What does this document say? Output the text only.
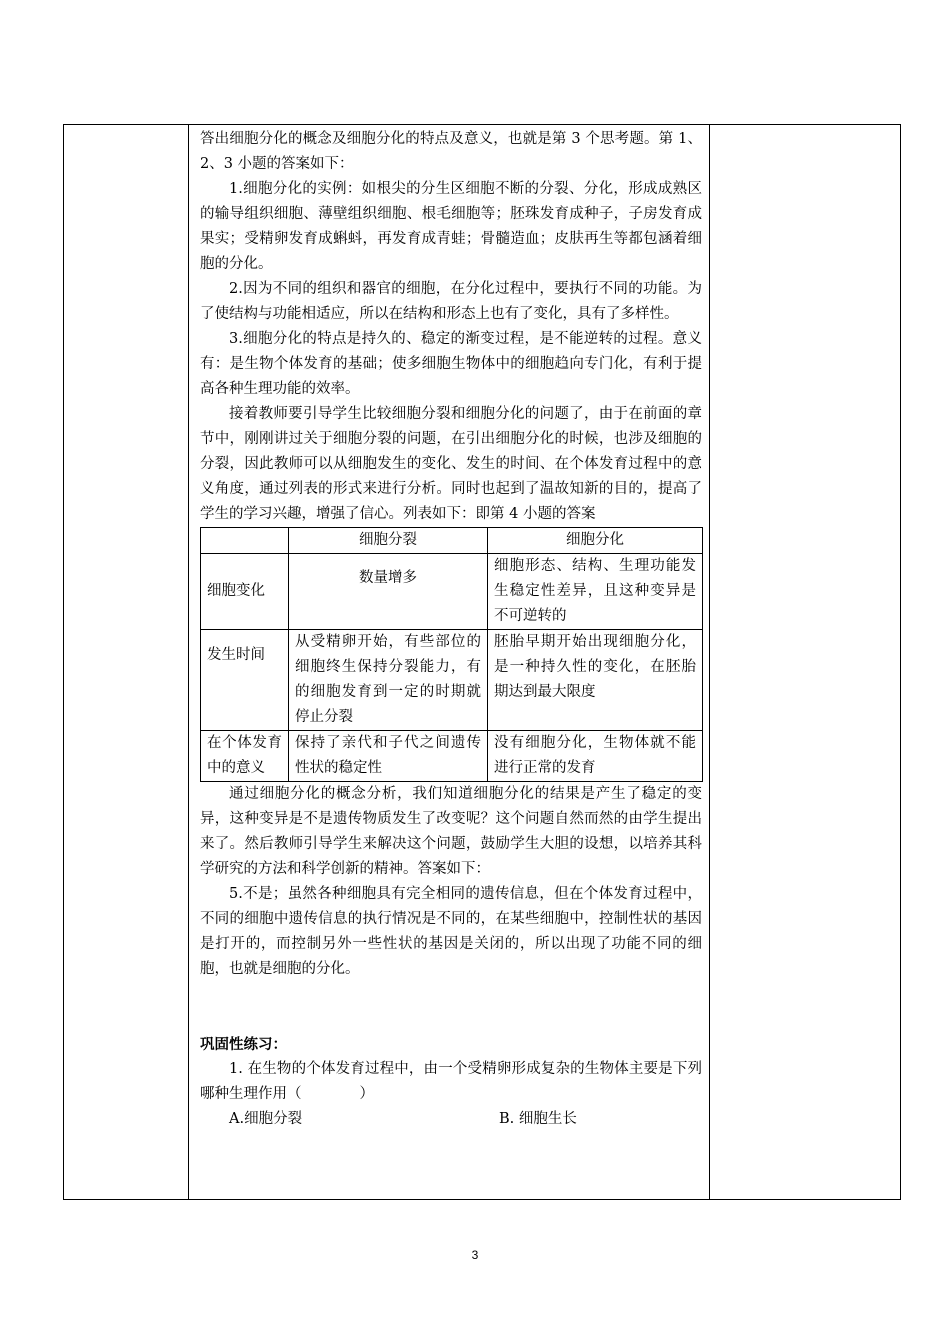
答出细胞分化的概念及细胞分化的特点及意义，也就是第 3 个思考题。第 1、2、3 小题的答案如下：

1.细胞分化的实例：如根尖的分生区细胞不断的分裂、分化，形成成熟区的输导组织细胞、薄壁组织细胞、根毛细胞等；胚珠发育成种子，子房发育成果实；受精卵发育成蝌蚪，再发育成青蛙；骨髓造血；皮肤再生等都包涵着细胞的分化。

2.因为不同的组织和器官的细胞，在分化过程中，要执行不同的功能。为了使结构与功能相适应，所以在结构和形态上也有了变化，具有了多样性。

3.细胞分化的特点是持久的、稳定的渐变过程，是不能逆转的过程。意义有：是生物个体发育的基础；使多细胞生物体中的细胞趋向专门化，有利于提高各种生理功能的效率。

接着教师要引导学生比较细胞分裂和细胞分化的问题了，由于在前面的章节中，刚刚讲过关于细胞分裂的问题，在引出细胞分化的时候，也涉及细胞的分裂，因此教师可以从细胞发生的变化、发生的时间、在个体发育过程中的意义角度，通过列表的形式来进行分析。同时也起到了温故知新的目的，提高了学生的学习兴趣，增强了信心。列表如下：即第 4 小题的答案

	细胞分裂	细胞分化
细胞变化	数量增多	细胞形态、结构、生理功能发生稳定性差异，且这种变异是不可逆转的
发生时间	从受精卵开始，有些部位的细胞终生保持分裂能力，有的细胞发育到一定的时期就停止分裂	胚胎早期开始出现细胞分化，是一种持久性的变化，在胚胎期达到最大限度
在个体发育中的意义	保持了亲代和子代之间遗传性状的稳定性	没有细胞分化，生物体就不能进行正常的发育

通过细胞分化的概念分析，我们知道细胞分化的结果是产生了稳定的变异，这种变异是不是遗传物质发生了改变呢？这个问题自然而然的由学生提出来了。然后教师引导学生来解决这个问题，鼓励学生大胆的设想，以培养其科学研究的方法和科学创新的精神。答案如下：

5.不是；虽然各种细胞具有完全相同的遗传信息，但在个体发育过程中，不同的细胞中遗传信息的执行情况是不同的，在某些细胞中，控制性状的基因是打开的，而控制另外一些性状的基因是关闭的，所以出现了功能不同的细胞，也就是细胞的分化。

巩固性练习：

1. 在生物的个体发育过程中，由一个受精卵形成复杂的生物体主要是下列哪种生理作用（　　　　）

A.细胞分裂	B. 细胞生长
3
